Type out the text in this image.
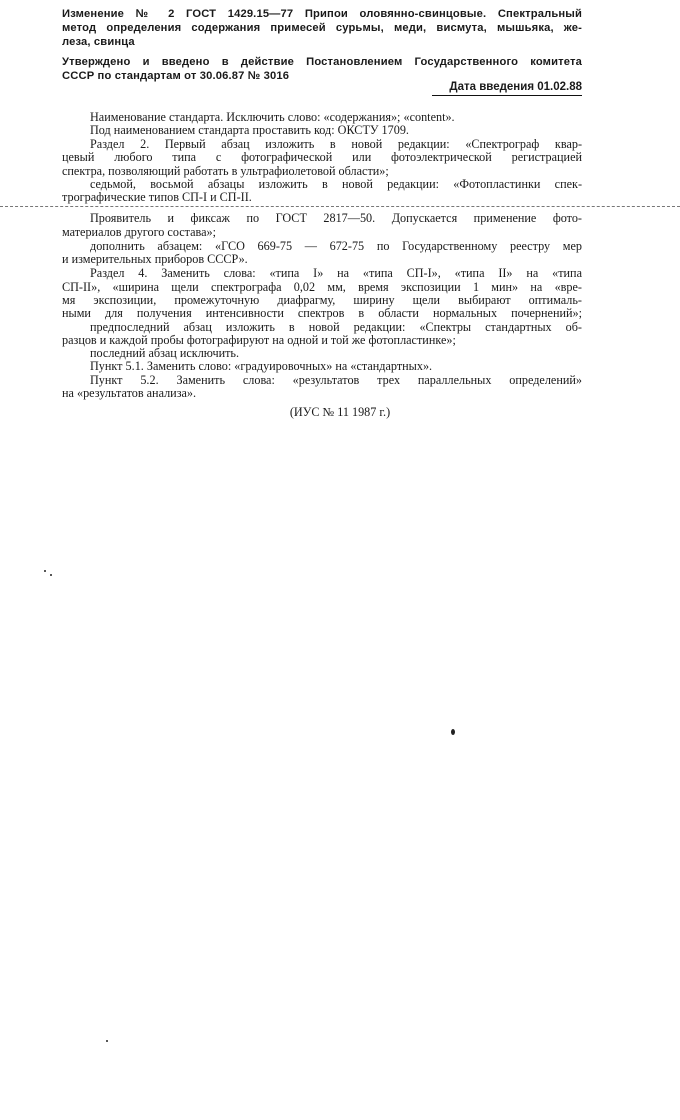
Изменение № 2 ГОСТ 1429.15—77 Припои оловянно-свинцовые. Спектральный
метод определения содержания примесей сурьмы, меди, висмута, мышьяка, же-
леза, свинца
Утверждено и введено в действие Постановлением Государственного комитета
СССР по стандартам от 30.06.87 № 3016
Дата введения 01.02.88
Наименование стандарта. Исключить слово: «содержания»; «content».
Под наименованием стандарта проставить код: ОКСТУ 1709.
Раздел 2. Первый абзац изложить в новой редакции: «Спектрограф квар-
цевый любого типа с фотографической или фотоэлектрической регистрацией
спектра, позволяющий работать в ультрафиолетовой области»;
седьмой, восьмой абзацы изложить в новой редакции: «Фотопластинки спек-
трографические типов СП-I и СП-II.
Проявитель и фиксаж по ГОСТ 2817—50. Допускается применение фото-
материалов другого состава»;
дополнить абзацем: «ГСО 669-75 — 672-75 по Государственному реестру мер
и измерительных приборов СССР».
Раздел 4. Заменить слова: «типа I» на «типа СП-I», «типа II» на «типа
СП-II», «ширина щели спектрографа 0,02 мм, время экспозиции 1 мин» на «вре-
мя экспозиции, промежуточную диафрагму, ширину щели выбирают оптималь-
ными для получения интенсивности спектров в области нормальных почернений»;
предпоследний абзац изложить в новой редакции: «Спектры стандартных об-
разцов и каждой пробы фотографируют на одной и той же фотопластинке»;
последний абзац исключить.
Пункт 5.1. Заменить слово: «градуировочных» на «стандартных».
Пункт 5.2. Заменить слова: «результатов трех параллельных определений»
на «результатов анализа».
(ИУС № 11 1987 г.)
